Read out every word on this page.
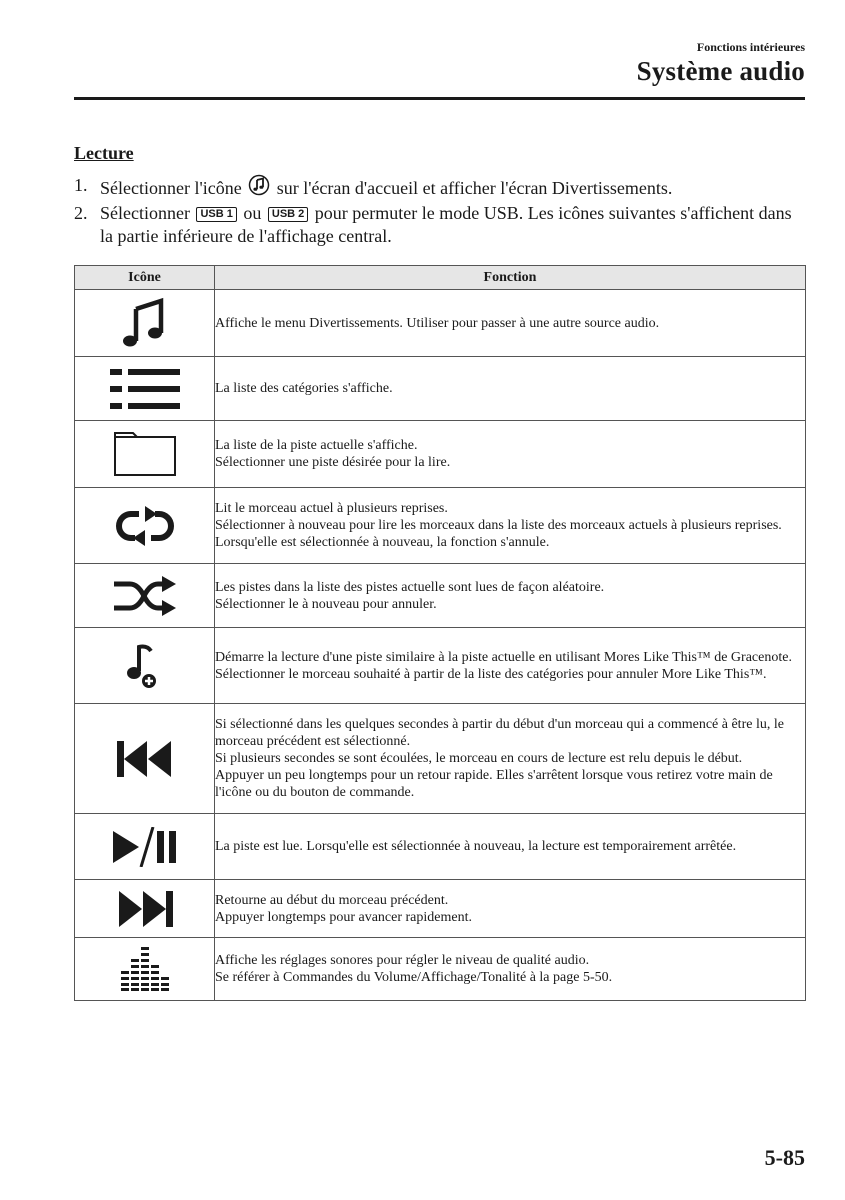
Fonctions intérieures
Système audio
Lecture
1. Sélectionner l'icône sur l'écran d'accueil et afficher l'écran Divertissements.
2. Sélectionner USB 1 ou USB 2 pour permuter le mode USB. Les icônes suivantes s'affichent dans la partie inférieure de l'affichage central.
Icône	Fonction

Affiche le menu Divertissements. Utiliser pour passer à une autre source audio.

La liste des catégories s'affiche.

La liste de la piste actuelle s'affiche.
Sélectionner une piste désirée pour la lire.

Lit le morceau actuel à plusieurs reprises.
Sélectionner à nouveau pour lire les morceaux dans la liste des morceaux actuels à plusieurs reprises.
Lorsqu'elle est sélectionnée à nouveau, la fonction s'annule.

Les pistes dans la liste des pistes actuelle sont lues de façon aléatoire.
Sélectionner le à nouveau pour annuler.

Démarre la lecture d'une piste similaire à la piste actuelle en utilisant Mores Like This™ de Gracenote.
Sélectionner le morceau souhaité à partir de la liste des catégories pour annuler More Like This™.

Si sélectionné dans les quelques secondes à partir du début d'un morceau qui a commencé à être lu, le morceau précédent est sélectionné.
Si plusieurs secondes se sont écoulées, le morceau en cours de lecture est relu depuis le début.
Appuyer un peu longtemps pour un retour rapide. Elles s'arrêtent lorsque vous retirez votre main de l'icône ou du bouton de commande.

La piste est lue. Lorsqu'elle est sélectionnée à nouveau, la lecture est temporairement arrêtée.

Retourne au début du morceau précédent.
Appuyer longtemps pour avancer rapidement.

Affiche les réglages sonores pour régler le niveau de qualité audio.
Se référer à Commandes du Volume/Affichage/Tonalité à la page 5-50.
5-85
